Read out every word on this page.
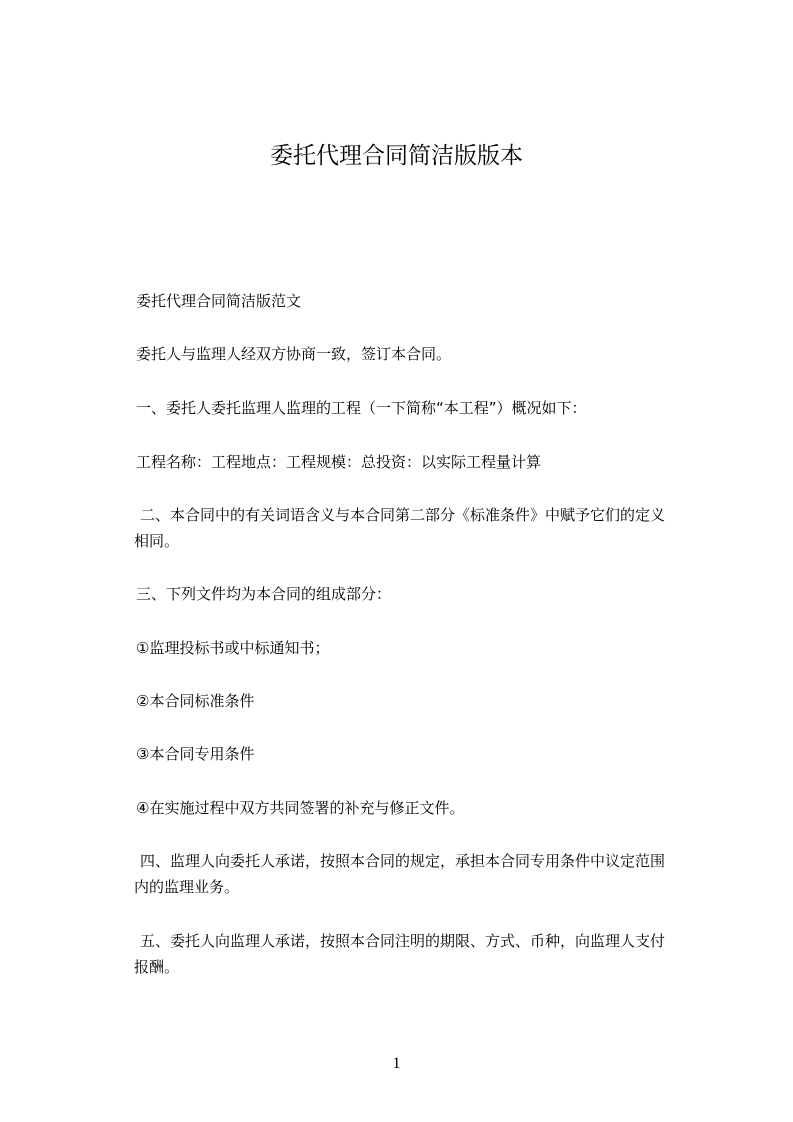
委托代理合同简洁版版本
委托代理合同简洁版范文
委托人与监理人经双方协商一致，签订本合同。
一、委托人委托监理人监理的工程（一下简称“本工程”）概况如下：
工程名称：工程地点：工程规模：总投资：以实际工程量计算
二、本合同中的有关词语含义与本合同第二部分《标准条件》中赋予它们的定义
相同。
三、下列文件均为本合同的组成部分：
①监理投标书或中标通知书；
②本合同标准条件
③本合同专用条件
④在实施过程中双方共同签署的补充与修正文件。
四、监理人向委托人承诺，按照本合同的规定，承担本合同专用条件中议定范围
内的监理业务。
五、委托人向监理人承诺，按照本合同注明的期限、方式、币种，向监理人支付
报酬。
1
